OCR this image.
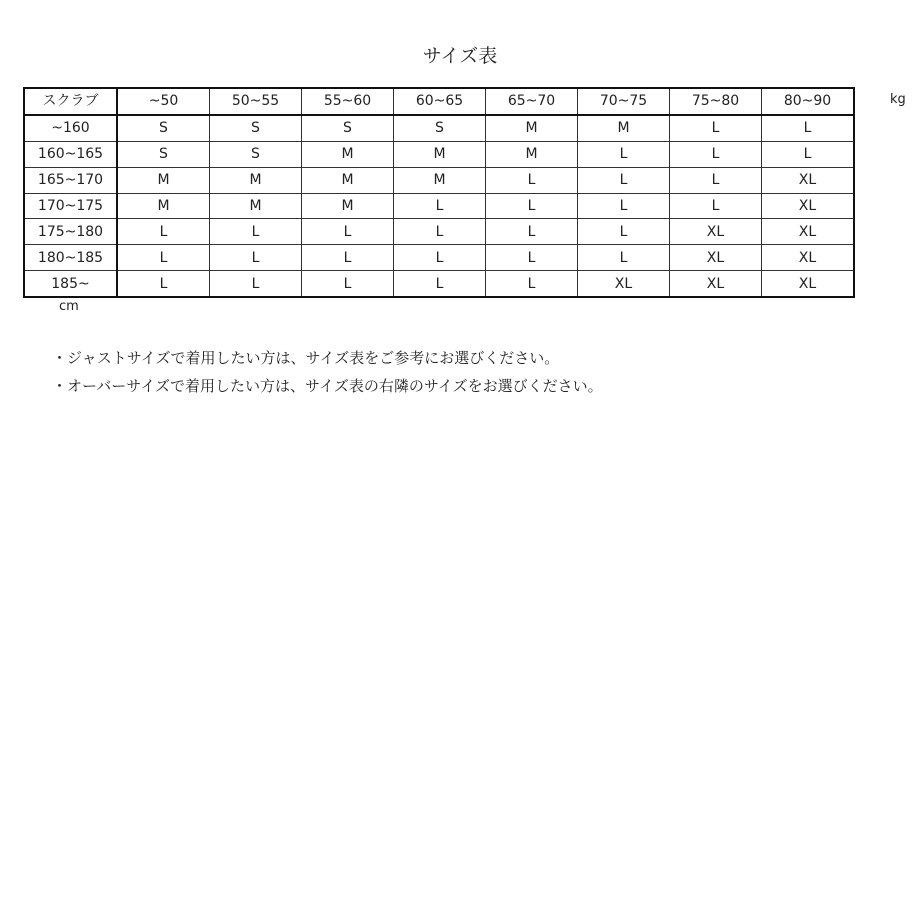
サイズ表
スクラブ	~50	50~55	55~60	60~65	65~70	70~75	75~80	80~90
~160	S	S	S	S	M	M	L	L
160~165	S	S	M	M	M	L	L	L
165~170	M	M	M	M	L	L	L	XL
170~175	M	M	M	L	L	L	L	XL
175~180	L	L	L	L	L	L	XL	XL
180~185	L	L	L	L	L	L	XL	XL
185~	L	L	L	L	L	XL	XL	XL
kg
cm
・ジャストサイズで着用したい方は、サイズ表をご参考にお選びください。
・オーバーサイズで着用したい方は、サイズ表の右隣のサイズをお選びください。
